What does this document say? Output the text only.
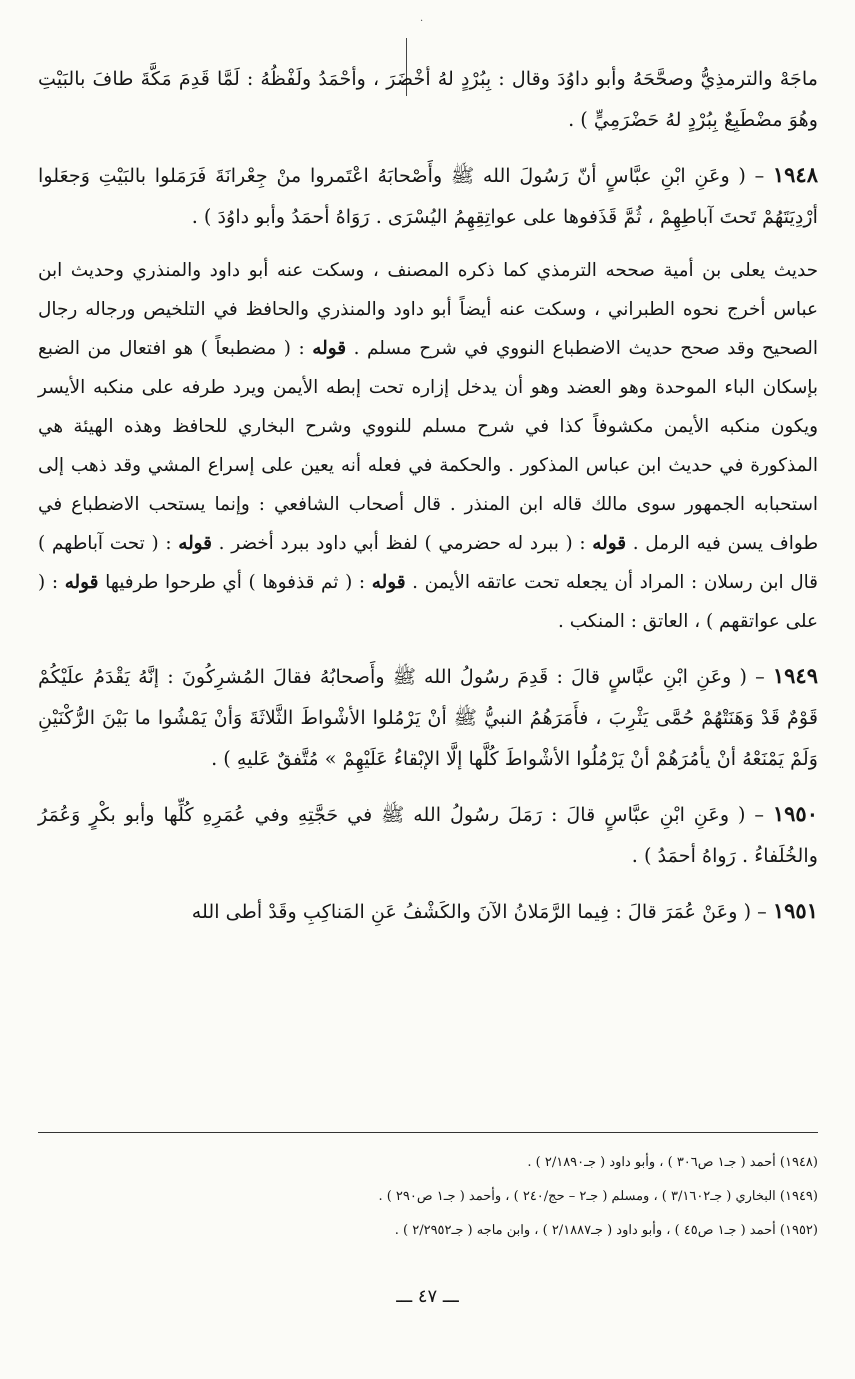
·

ماجَهْ والترمذِيُّ وصحَّحَهُ وأبو داوُدَ وقال : بِبُرْدٍ لهُ أخْضَرَ ، وأحْمَدُ ولَفْظُهُ : لَمَّا قَدِمَ مَكَّةَ طافَ بالبَيْتِ وهُوَ مضْطَبِعٌ بِبُرْدٍ لهُ حَضْرَمِيٍّ ) .

١٩٤٨ – ( وعَنِ ابْنِ عبَّاسٍ أنّ رَسُولَ الله ﷺ وأَصْحابَهُ اعْتَمروا منْ جِعْرانَةَ فَرَمَلوا بالبَيْتِ وَجعَلوا أرْدِيَتَهُمْ تَحتَ آباطِهِمْ ، ثُمَّ قَذَفوها على عواتِقِهِمُ اليُسْرَى . رَوَاهُ أحمَدُ وأبو داوُدَ ) .

حديث يعلى بن أمية صححه الترمذي كما ذكره المصنف ، وسكت عنه أبو داود والمنذري وحديث ابن عباس أخرج نحوه الطبراني ، وسكت عنه أيضاً أبو داود والمنذري والحافظ في التلخيص ورجاله رجال الصحيح وقد صحح حديث الاضطباع النووي في شرح مسلم . قوله : ( مضطبعاً ) هو افتعال من الضبع بإسكان الباء الموحدة وهو العضد وهو أن يدخل إزاره تحت إبطه الأيمن ويرد طرفه على منكبه الأيسر ويكون منكبه الأيمن مكشوفاً كذا في شرح مسلم للنووي وشرح البخاري للحافظ وهذه الهيئة هي المذكورة في حديث ابن عباس المذكور . والحكمة في فعله أنه يعين على إسراع المشي وقد ذهب إلى استحبابه الجمهور سوى مالك قاله ابن المنذر . قال أصحاب الشافعي : وإنما يستحب الاضطباع في طواف يسن فيه الرمل . قوله : ( ببرد له حضرمي ) لفظ أبي داود ببرد أخضر . قوله : ( تحت آباطهم ) قال ابن رسلان : المراد أن يجعله تحت عاتقه الأيمن . قوله : ( ثم قذفوها ) أي طرحوا طرفيها قوله : ( على عواتقهم ) ، العاتق : المنكب .

١٩٤٩ – ( وعَنِ ابْنِ عبَّاسٍ قالَ : قَدِمَ رسُولُ الله ﷺ وأَصحابُهُ فقالَ المُشرِكُونَ : إنَّهُ يَقْدَمُ علَيْكُمْ قَوْمٌ قَدْ وَهَنَتْهُمْ حُمَّى يَثْرِبَ ، فأَمَرَهُمُ النبيُّ ﷺ أنْ يَرْمُلوا الأشْواطَ الثَّلاثَةَ وَأنْ يَمْشُوا ما بَيْنَ الرُّكْنَيْنِ وَلَمْ يَمْنَعْهُ أنْ يأمُرَهُمْ أنْ يَرْمُلُوا الأشْواطَ كُلَّها إلَّا الإبْقاءُ عَلَيْهِمْ » مُتَّفقٌ عَليهِ ) .

١٩٥٠ – ( وعَنِ ابْنِ عبَّاسٍ قالَ : رَمَلَ رسُولُ الله ﷺ في حَجَّتِهِ وفي عُمَرِهِ كُلِّها وأبو بكْرٍ وَعُمَرُ والخُلَفاءُ . رَواهُ أحمَدُ ) .

١٩٥١ – ( وعَنْ عُمَرَ قالَ : فِيما الرَّمَلانُ الآنَ والكَشْفُ عَنِ المَناكِبِ وقَدْ أطى الله

(١٩٤٨) أحمد ( جـ١ ص٣٠٦ ) ، وأبو داود ( جـ٢/١٨٩٠ ) .

(١٩٤٩) البخاري ( جـ٣/١٦٠٢ ) ، ومسلم ( جـ٢ – حج/٢٤٠ ) ، وأحمد ( جـ١ ص٢٩٠ ) .

(١٩٥٢) أحمد ( جـ١ ص٤٥ ) ، وأبو داود ( جـ٢/١٨٨٧ ) ، وابن ماجه ( جـ٢/٢٩٥٢ ) .

ـــ ٤٧ ـــ
